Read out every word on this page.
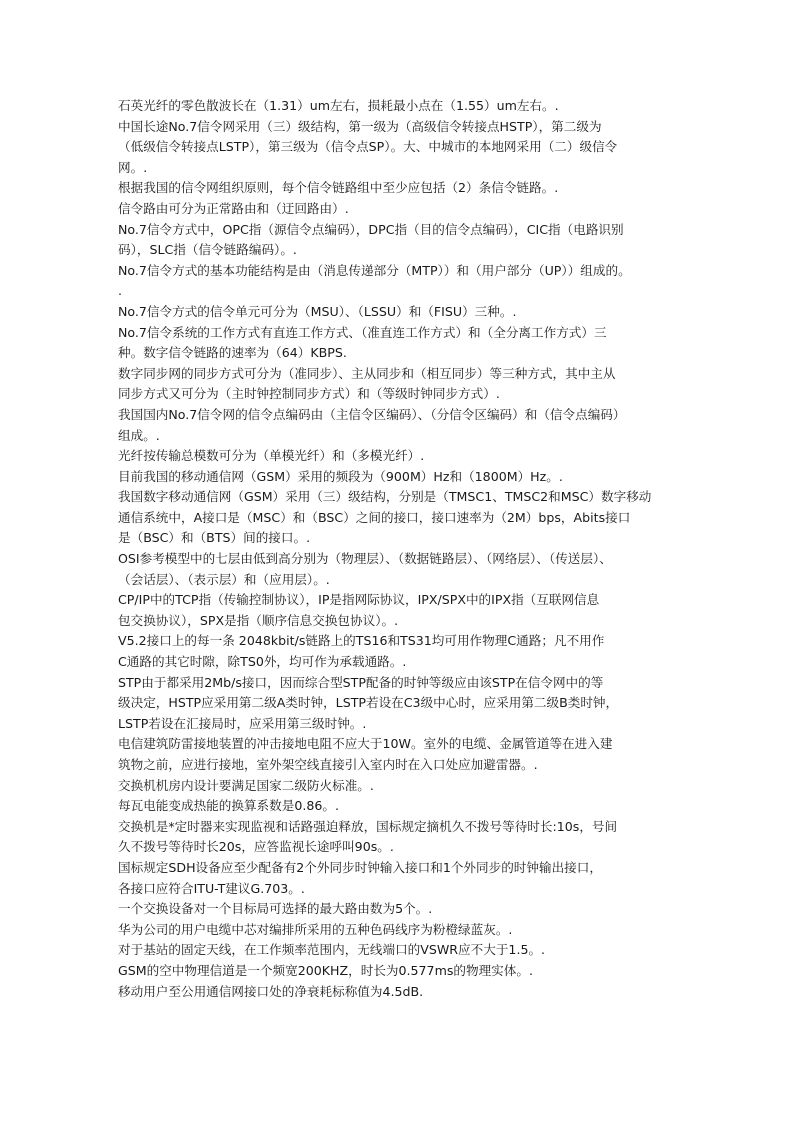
石英光纤的零色散波长在（1.31）um左右，损耗最小点在（1.55）um左右。.
中国长途No.7信令网采用（三）级结构，第一级为（高级信令转接点HSTP），第二级为
（低级信令转接点LSTP），第三级为（信令点SP）。大、中城市的本地网采用（二）级信令
网。.
根据我国的信令网组织原则，每个信令链路组中至少应包括（2）条信令链路。.
信令路由可分为正常路由和（迂回路由）.
No.7信令方式中，OPC指（源信令点编码），DPC指（目的信令点编码），CIC指（电路识别
码），SLC指（信令链路编码）。.
No.7信令方式的基本功能结构是由（消息传递部分（MTP））和（用户部分（UP））组成的。
.
No.7信令方式的信令单元可分为（MSU）、（LSSU）和（FISU）三种。.
No.7信令系统的工作方式有直连工作方式、（准直连工作方式）和（全分离工作方式）三
种。数字信令链路的速率为（64）KBPS.
数字同步网的同步方式可分为（准同步）、主从同步和（相互同步）等三种方式，其中主从
同步方式又可分为（主时钟控制同步方式）和（等级时钟同步方式）.
我国国内No.7信令网的信令点编码由（主信令区编码）、（分信令区编码）和（信令点编码）
组成。.
光纤按传输总模数可分为（单模光纤）和（多模光纤）.
目前我国的移动通信网（GSM）采用的频段为（900M）Hz和（1800M）Hz。.
我国数字移动通信网（GSM）采用（三）级结构，分别是（TMSC1、TMSC2和MSC）数字移动
通信系统中，A接口是（MSC）和（BSC）之间的接口，接口速率为（2M）bps，Abits接口
是（BSC）和（BTS）间的接口。.
OSI参考模型中的七层由低到高分别为（物理层）、（数据链路层）、（网络层）、（传送层）、
（会话层）、（表示层）和（应用层）。.
CP/IP中的TCP指（传输控制协议），IP是指网际协议，IPX/SPX中的IPX指（互联网信息
包交换协议），SPX是指（顺序信息交换包协议）。.
V5.2接口上的每一条 2048kbit/s链路上的TS16和TS31均可用作物理C通路；凡不用作
C通路的其它时隙，除TS0外，均可作为承载通路。.
STP由于都采用2Mb/s接口，因而综合型STP配备的时钟等级应由该STP在信令网中的等
级决定，HSTP应采用第二级A类时钟，LSTP若设在C3级中心时，应采用第二级B类时钟，
LSTP若设在汇接局时，应采用第三级时钟。.
电信建筑防雷接地装置的冲击接地电阻不应大于10W。室外的电缆、金属管道等在进入建
筑物之前，应进行接地，室外架空线直接引入室内时在入口处应加避雷器。.
交换机机房内设计要满足国家二级防火标准。.
每瓦电能变成热能的换算系数是0.86。.
交换机是*定时器来实现监视和话路强迫释放，国标规定摘机久不拨号等待时长:10s，号间
久不拨号等待时长20s，应答监视长途呼叫90s。.
国标规定SDH设备应至少配备有2个外同步时钟输入接口和1个外同步的时钟输出接口，
各接口应符合ITU-T建议G.703。.
一个交换设备对一个目标局可选择的最大路由数为5个。.
华为公司的用户电缆中芯对编排所采用的五种色码线序为粉橙绿蓝灰。.
对于基站的固定天线，在工作频率范围内，无线端口的VSWR应不大于1.5。.
GSM的空中物理信道是一个频宽200KHZ，时长为0.577ms的物理实体。.
移动用户至公用通信网接口处的净衰耗标称值为4.5dB.
